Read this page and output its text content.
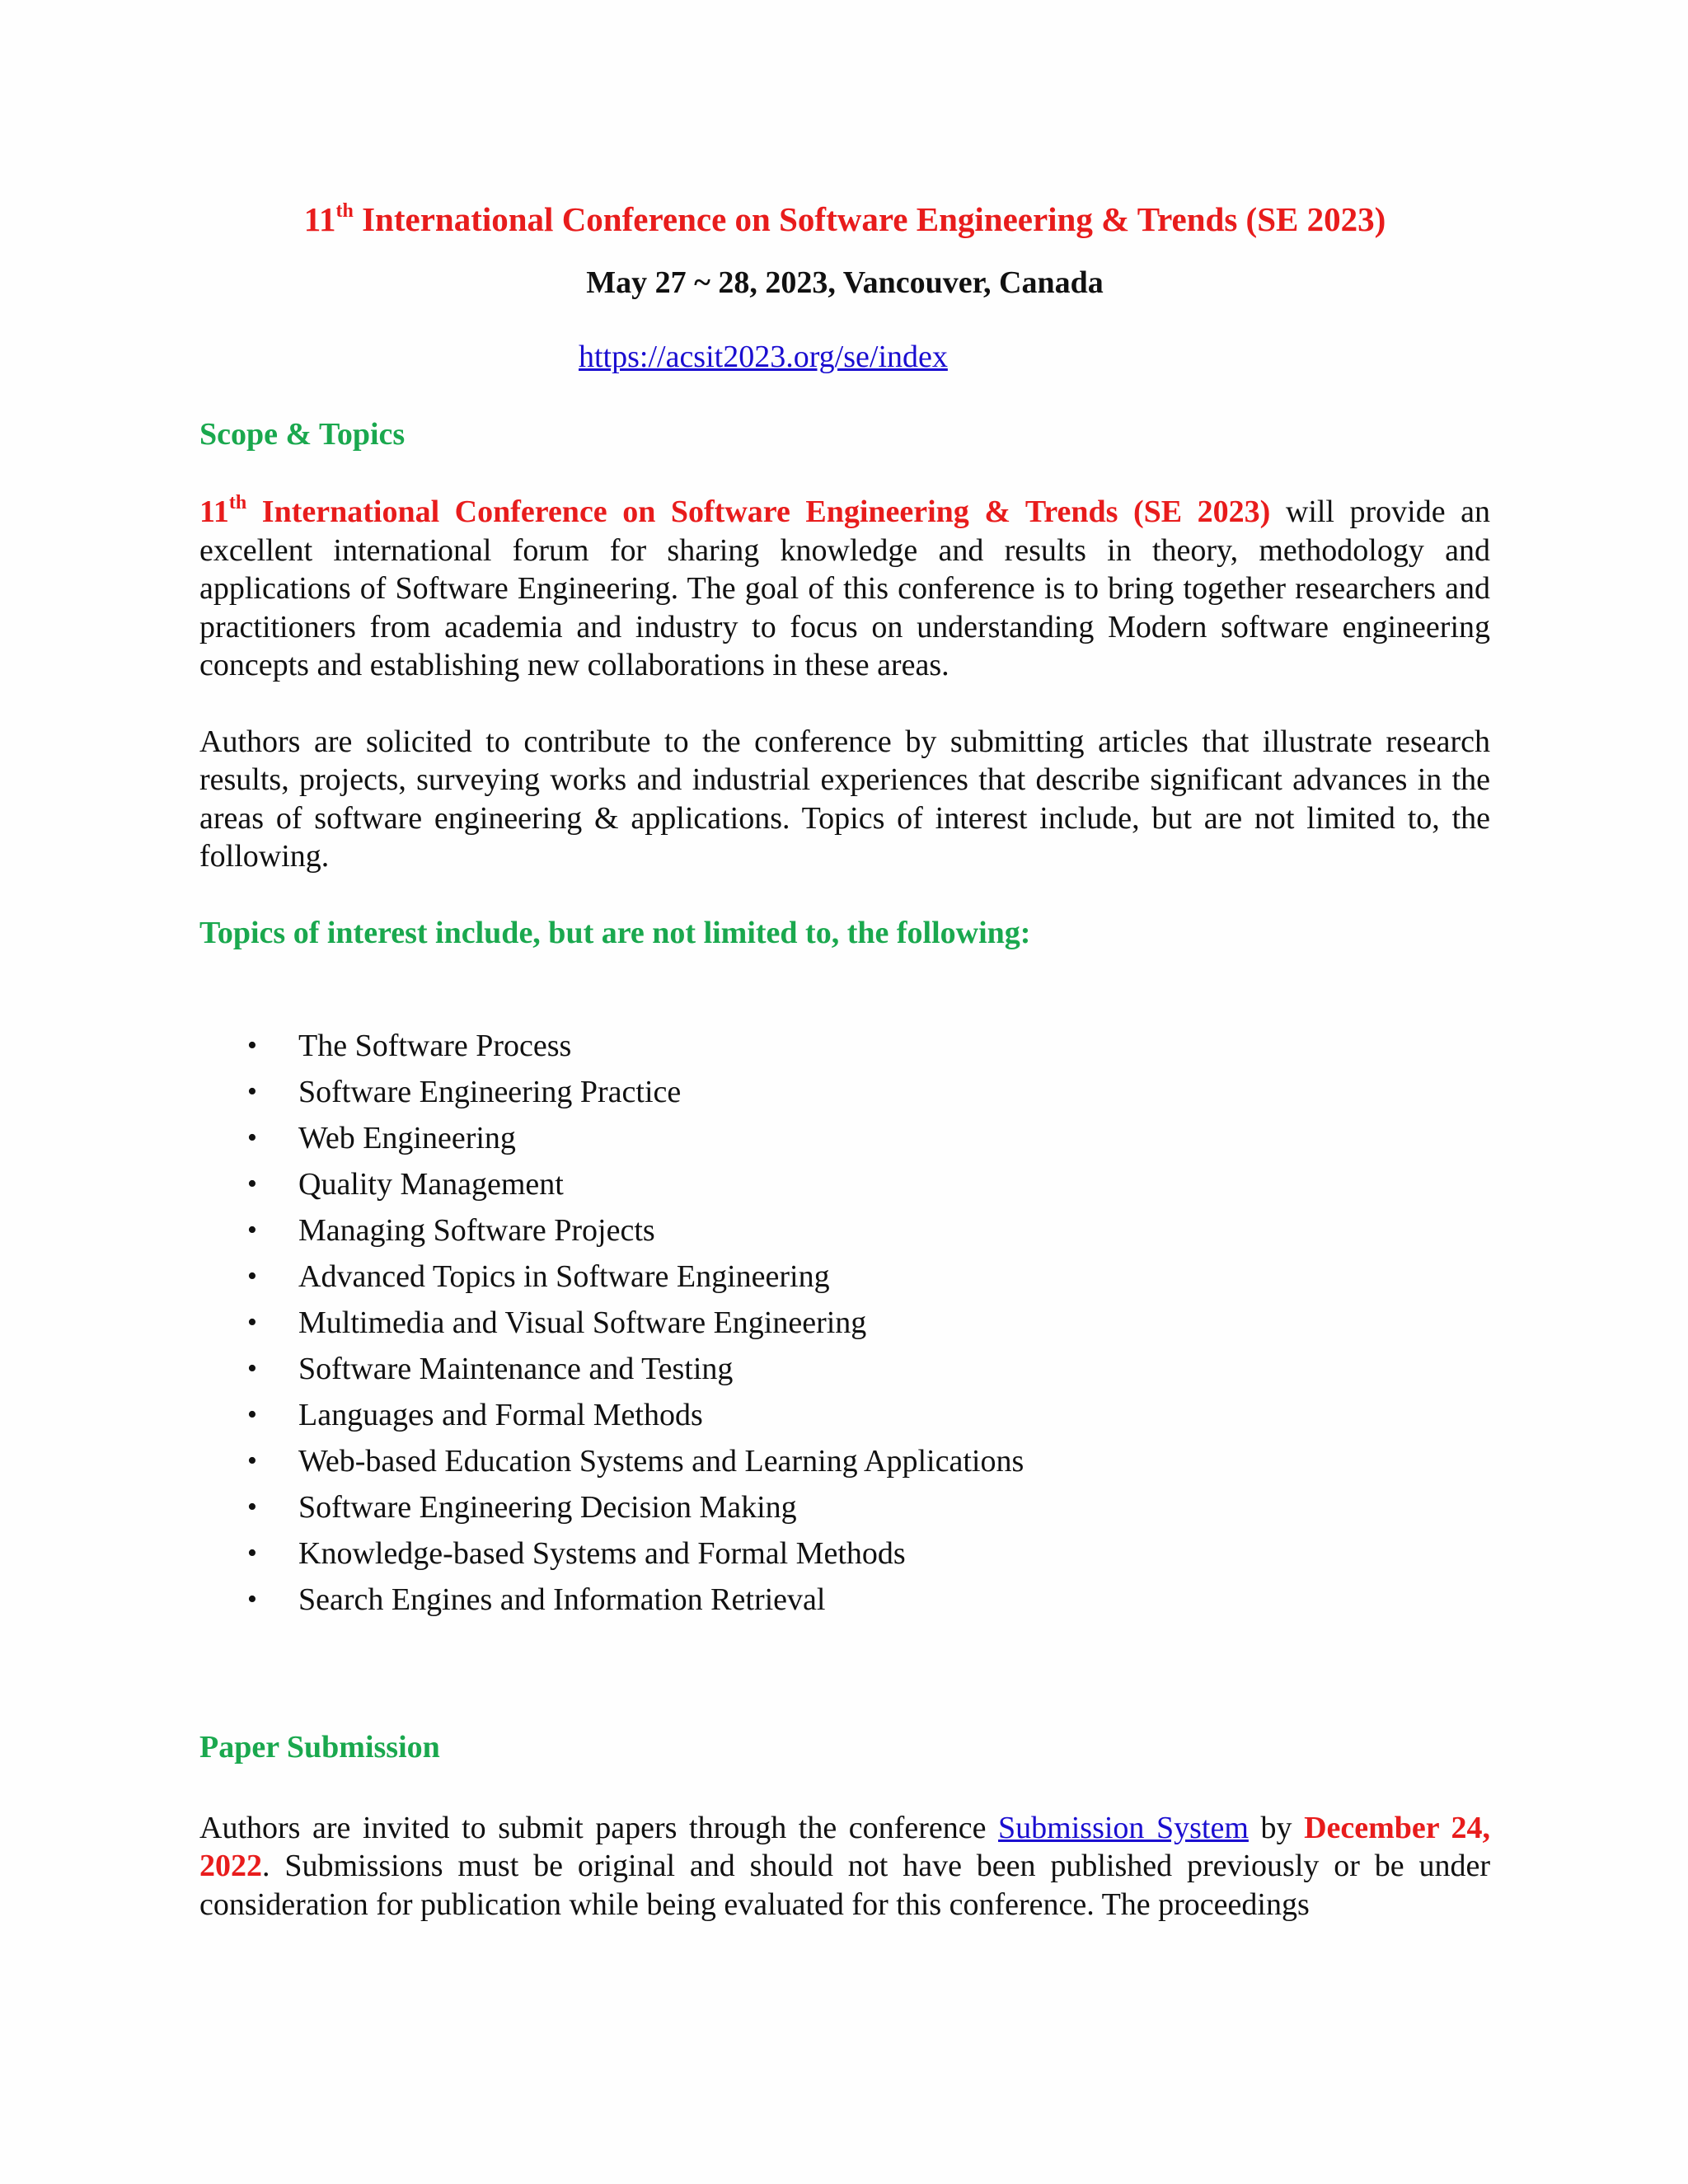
11th International Conference on Software Engineering & Trends (SE 2023)

May 27 ~ 28, 2023, Vancouver, Canada

https://acsit2023.org/se/index

Scope & Topics

11th International Conference on Software Engineering & Trends (SE 2023) will provide an excellent international forum for sharing knowledge and results in theory, methodology and applications of Software Engineering. The goal of this conference is to bring together researchers and practitioners from academia and industry to focus on understanding Modern software engineering concepts and establishing new collaborations in these areas.

Authors are solicited to contribute to the conference by submitting articles that illustrate research results, projects, surveying works and industrial experiences that describe significant advances in the areas of software engineering & applications. Topics of interest include, but are not limited to, the following.

Topics of interest include, but are not limited to, the following:
• The Software Process
• Software Engineering Practice
• Web Engineering
• Quality Management
• Managing Software Projects
• Advanced Topics in Software Engineering
• Multimedia and Visual Software Engineering
• Software Maintenance and Testing
• Languages and Formal Methods
• Web-based Education Systems and Learning Applications
• Software Engineering Decision Making
• Knowledge-based Systems and Formal Methods
• Search Engines and Information Retrieval
Paper Submission

Authors are invited to submit papers through the conference Submission System by December 24, 2022. Submissions must be original and should not have been published previously or be under consideration for publication while being evaluated for this conference. The proceedings
